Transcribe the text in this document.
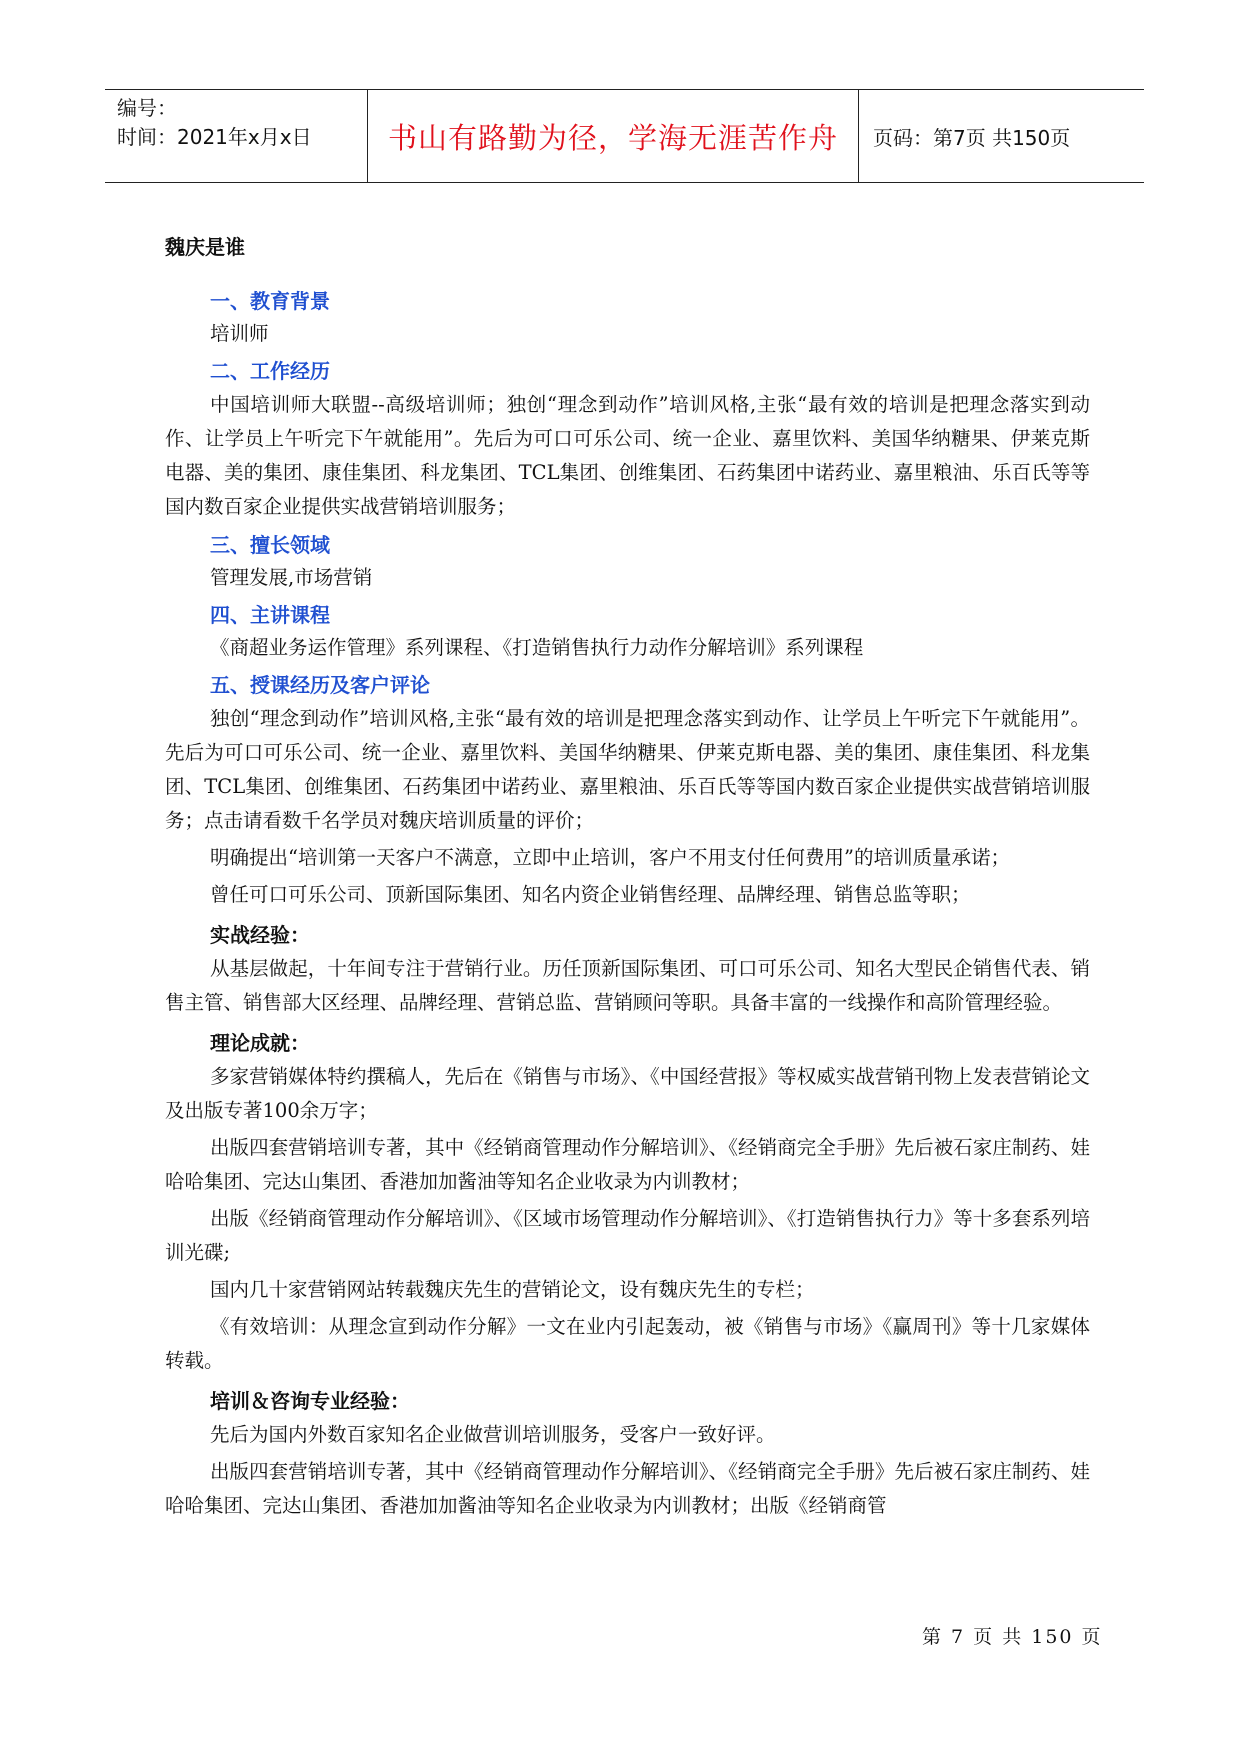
编号：
时间：2021年x月x日	书山有路勤为径，学海无涯苦作舟	页码：第7页 共150页
魏庆是谁
一、教育背景
培训师
二、工作经历
中国培训师大联盟--高级培训师；独创“理念到动作”培训风格,主张“最有效的培训是把理念落实到动作、让学员上午听完下午就能用”。先后为可口可乐公司、统一企业、嘉里饮料、美国华纳糖果、伊莱克斯电器、美的集团、康佳集团、科龙集团、TCL集团、创维集团、石药集团中诺药业、嘉里粮油、乐百氏等等国内数百家企业提供实战营销培训服务；
三、擅长领域
管理发展,市场营销
四、主讲课程
《商超业务运作管理》系列课程、《打造销售执行力动作分解培训》系列课程
五、授课经历及客户评论
独创“理念到动作”培训风格,主张“最有效的培训是把理念落实到动作、让学员上午听完下午就能用”。先后为可口可乐公司、统一企业、嘉里饮料、美国华纳糖果、伊莱克斯电器、美的集团、康佳集团、科龙集团、TCL集团、创维集团、石药集团中诺药业、嘉里粮油、乐百氏等等国内数百家企业提供实战营销培训服务；点击请看数千名学员对魏庆培训质量的评价；
明确提出“培训第一天客户不满意，立即中止培训，客户不用支付任何费用”的培训质量承诺；
曾任可口可乐公司、顶新国际集团、知名内资企业销售经理、品牌经理、销售总监等职；
实战经验：
从基层做起，十年间专注于营销行业。历任顶新国际集团、可口可乐公司、知名大型民企销售代表、销售主管、销售部大区经理、品牌经理、营销总监、营销顾问等职。具备丰富的一线操作和高阶管理经验。
理论成就：
多家营销媒体特约撰稿人，先后在《销售与市场》、《中国经营报》等权威实战营销刊物上发表营销论文及出版专著100余万字；
出版四套营销培训专著，其中《经销商管理动作分解培训》、《经销商完全手册》先后被石家庄制药、娃哈哈集团、完达山集团、香港加加酱油等知名企业收录为内训教材；
出版《经销商管理动作分解培训》、《区域市场管理动作分解培训》、《打造销售执行力》等十多套系列培训光碟;
国内几十家营销网站转载魏庆先生的营销论文，设有魏庆先生的专栏；
《有效培训：从理念宣到动作分解》一文在业内引起轰动，被《销售与市场》《赢周刊》等十几家媒体转载。
培训＆咨询专业经验：
先后为国内外数百家知名企业做营训培训服务，受客户一致好评。
出版四套营销培训专著，其中《经销商管理动作分解培训》、《经销商完全手册》先后被石家庄制药、娃哈哈集团、完达山集团、香港加加酱油等知名企业收录为内训教材；出版《经销商管
第 7 页 共 150 页
